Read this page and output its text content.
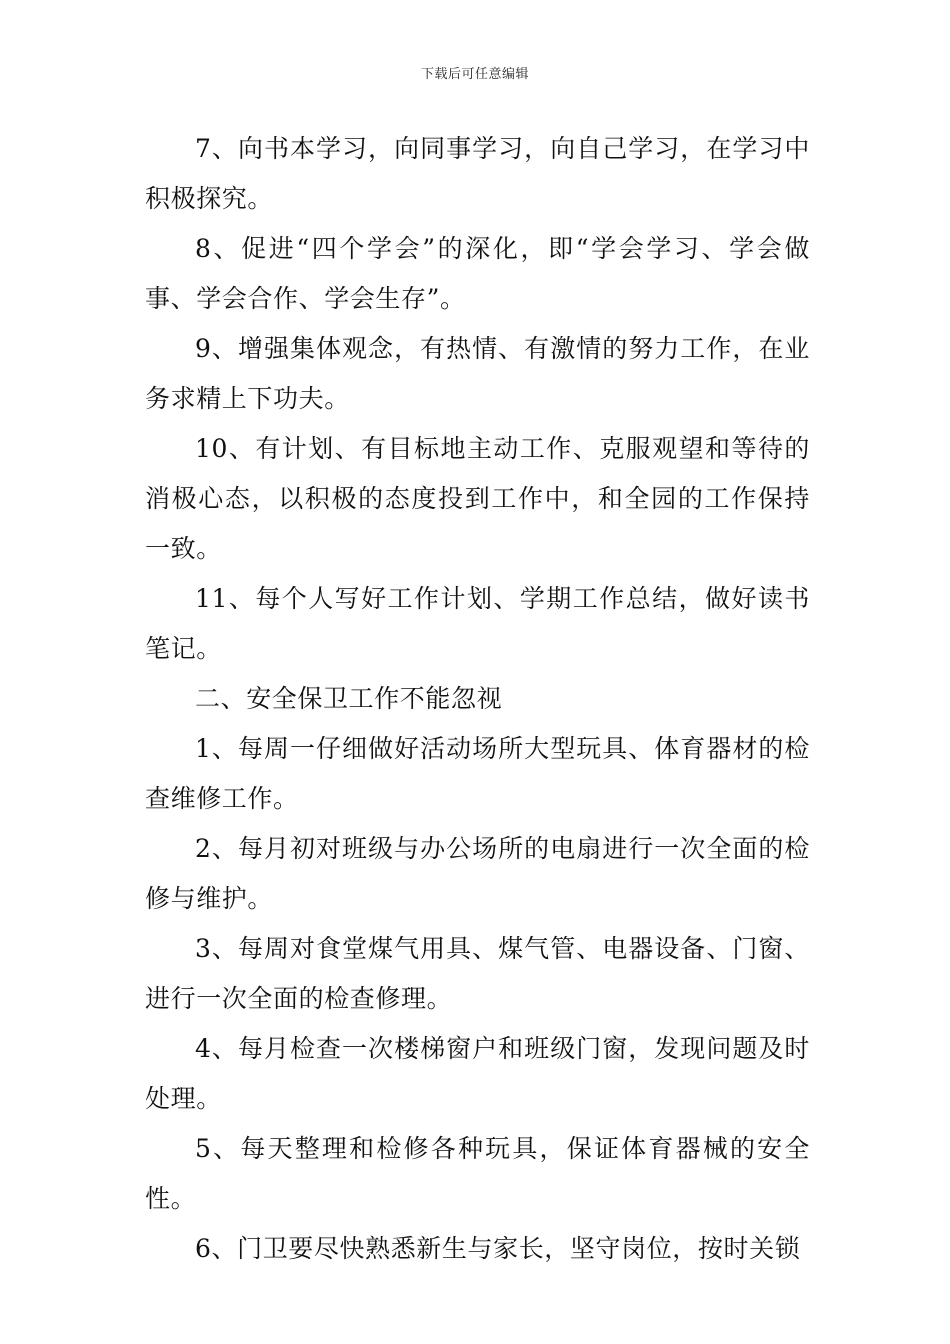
下载后可任意编辑

7、向书本学习，向同事学习，向自己学习，在学习中积极探究。

8、促进“四个学会”的深化，即“学会学习、学会做事、学会合作、学会生存”。

9、增强集体观念，有热情、有激情的努力工作，在业务求精上下功夫。

10、有计划、有目标地主动工作、克服观望和等待的消极心态，以积极的态度投到工作中，和全园的工作保持一致。

11、每个人写好工作计划、学期工作总结，做好读书笔记。

二、安全保卫工作不能忽视

1、每周一仔细做好活动场所大型玩具、体育器材的检查维修工作。

2、每月初对班级与办公场所的电扇进行一次全面的检修与维护。

3、每周对食堂煤气用具、煤气管、电器设备、门窗、进行一次全面的检查修理。

4、每月检查一次楼梯窗户和班级门窗，发现问题及时处理。

5、每天整理和检修各种玩具，保证体育器械的安全性。

6、门卫要尽快熟悉新生与家长，坚守岗位，按时关锁
